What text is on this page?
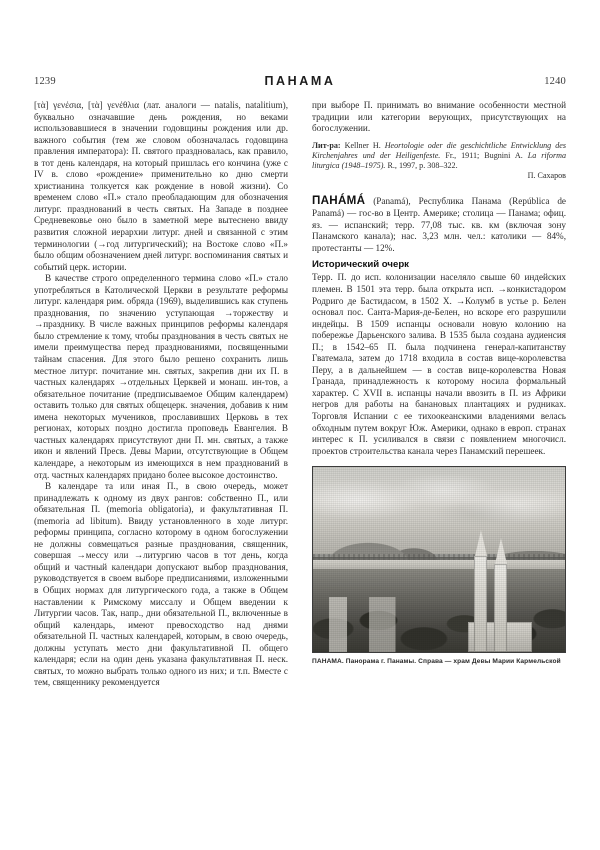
1239	ПАНАМА	1240

[τὰ] γενέσια, [τὰ] γενέθλια (лат. аналоги — natalis, natalitium), буквально означавшие день рождения, но веками использовавшиеся в значении годовщины рождения или др. важного события (тем же словом обозначалась годовщина правления императора): П. святого праздновалась, как правило, в тот день календаря, на который пришлась его кончина (уже с IV в. слово «рождение» применительно ко дню смерти христианина толкуется как рождение в новой жизни). Со временем слово «П.» стало преобладающим для обозначения литург. празднований в честь святых. На Западе в позднее Средневековье оно было в заметной мере вытеснено ввиду развития сложной иерархии литург. дней и связанной с этим терминологии (→год литургический); на Востоке слово «П.» было общим обозначением дней литург. воспоминания святых и событий церк. истории.

В качестве строго определенного термина слово «П.» стало употребляться в Католической Церкви в результате реформы литург. календаря рим. обряда (1969), выделившись как ступень празднования, по значению уступающая →торжеству и →празднику. В числе важных принципов реформы календаря было стремление к тому, чтобы празднования в честь святых не имели преимущества перед празднованиями, посвященными тайнам спасения. Для этого было решено сохранить лишь местное литург. почитание мн. святых, закрепив дни их П. в частных календарях →отдельных Церквей и монаш. ин-тов, а обязательное почитание (предписываемое Общим календарем) оставить только для святых общецерк. значения, добавив к ним имена некоторых мучеников, прославивших Церковь в тех регионах, которых поздно достигла проповедь Евангелия. В частных календарях присутствуют дни П. мн. святых, а также икон и явлений Пресв. Девы Марии, отсутствующие в Общем календаре, а некоторым из имеющихся в нем празднований в отд. частных календарях придано более высокое достоинство.

В календаре та или иная П., в свою очередь, может принадлежать к одному из двух рангов: собственно П., или обязательная П. (memoria obligatoria), и факультативная П. (memoria ad libitum). Ввиду установленного в ходе литург. реформы принципа, согласно которому в одном богослужении не должны совмещаться разные празднования, священник, совершая →мессу или →литургию часов в тот день, когда общий и частный календари допускают выбор празднования, руководствуется в своем выборе предписаниями, изложенными в Общих нормах для литургического года, а также в Общем наставлении к Римскому миссалу и Общем введении к Литургии часов. Так, напр., дни обязательной П., включенные в общий календарь, имеют превосходство над днями обязательной П. частных календарей, которым, в свою очередь, должны уступать место дни факультативной П. общего календаря; если на один день указана факультативная П. неск. святых, то можно выбрать только одного из них; и т.п. Вместе с тем, священнику рекомендуется

при выборе П. принимать во внимание особенности местной традиции или категории верующих, присутствующих на богослужении.

Лит-ра: Kellner H. Heortologie oder die geschichtliche Entwicklung des Kirchenjahres und der Heiligenfeste. Fr., 1911; Bugnini A. La riforma liturgica (1948–1975). R., 1997, p. 308–322.

П. Сахаров

ПАНÁМÁ (Panamá), Республика Панама (República de Panamá) — гос-во в Центр. Америке; столица — Панама; офиц. яз. — испанский; терр. 77,08 тыс. кв. км (включая зону Панамского канала); нас. 3,23 млн. чел.: католики — 84%, протестанты — 12%.

Исторический очерк

Терр. П. до исп. колонизации населяло свыше 60 индейских племен. В 1501 эта терр. была открыта исп. →конкистадором Родриго де Бастидасом, в 1502 Х. →Колумб в устье р. Белен основал пос. Санта-Мария-де-Белен, но вскоре его разрушили индейцы. В 1509 испанцы основали новую колонию на побережье Дарьенского залива. В 1535 была создана аудиенсия П.; в 1542–65 П. была подчинена генерал-капитанству Гватемала, затем до 1718 входила в состав вице-королевства Перу, а в дальнейшем — в состав вице-королевства Новая Гранада, принадлежность к которому носила формальный характер. С XVII в. испанцы начали ввозить в П. из Африки негров для работы на банановых плантациях и рудниках. Торговля Испании с ее тихоокеанскими владениями велась обходным путем вокруг Юж. Америки, однако в европ. странах интерес к П. усиливался в связи с появлением многочисл. проектов строительства канала через Панамский перешеек.

ПАНАМА. Панорама г. Панамы. Справа — храм Девы Марии Кармельской
